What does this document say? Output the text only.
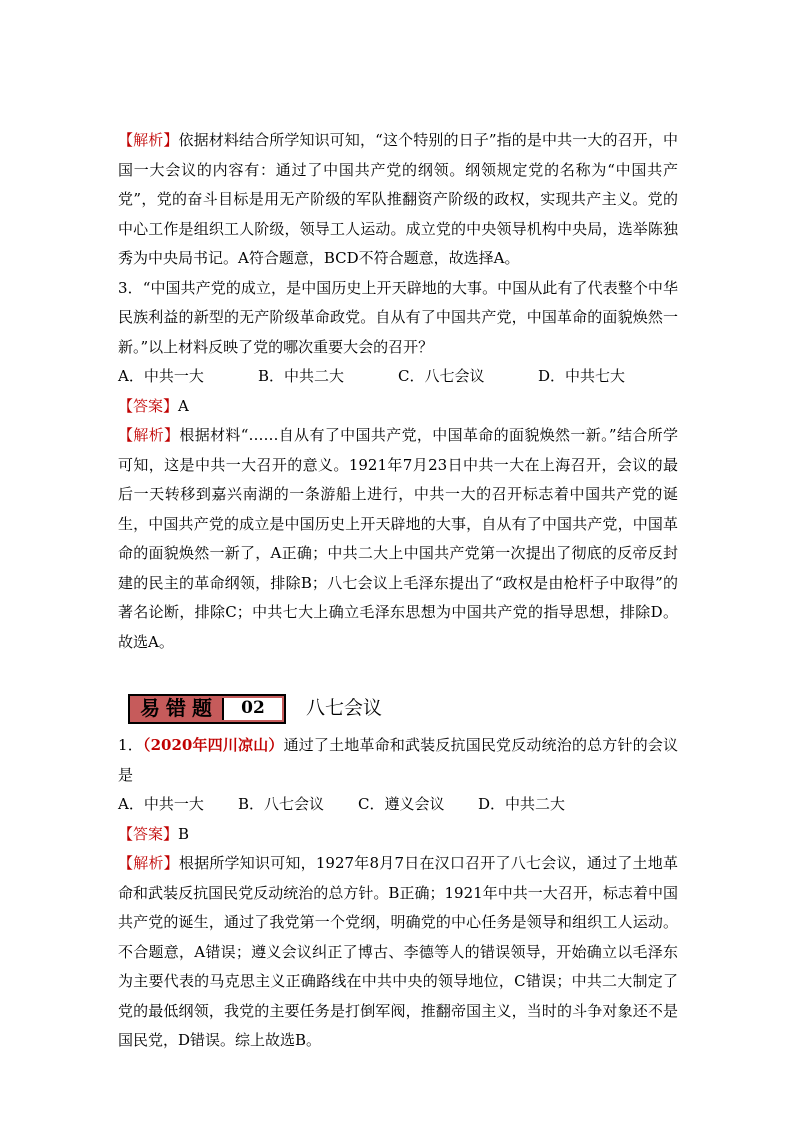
【解析】依据材料结合所学知识可知，“这个特别的日子”指的是中共一大的召开，中国一大会议的内容有：通过了中国共产党的纲领。纲领规定党的名称为“中国共产党”，党的奋斗目标是用无产阶级的军队推翻资产阶级的政权，实现共产主义。党的中心工作是组织工人阶级，领导工人运动。成立党的中央领导机构中央局，选举陈独秀为中央局书记。A符合题意，BCD不符合题意，故选择A。

3．“中国共产党的成立，是中国历史上开天辟地的大事。中国从此有了代表整个中华民族利益的新型的无产阶级革命政党。自从有了中国共产党，中国革命的面貌焕然一新。”以上材料反映了党的哪次重要大会的召开？

A．中共一大	B．中共二大	C．八七会议	D．中共七大

【答案】A

【解析】根据材料“……自从有了中国共产党，中国革命的面貌焕然一新。”结合所学可知，这是中共一大召开的意义。1921年7月23日中共一大在上海召开，会议的最后一天转移到嘉兴南湖的一条游船上进行，中共一大的召开标志着中国共产党的诞生，中国共产党的成立是中国历史上开天辟地的大事，自从有了中国共产党，中国革命的面貌焕然一新了，A正确；中共二大上中国共产党第一次提出了彻底的反帝反封建的民主的革命纲领，排除B；八七会议上毛泽东提出了“政权是由枪杆子中取得”的著名论断，排除C；中共七大上确立毛泽东思想为中国共产党的指导思想，排除D。故选A。

易错题	02	八七会议

1．（2020年四川凉山）通过了土地革命和武装反抗国民党反动统治的总方针的会议是

A．中共一大	B．八七会议	C．遵义会议	D．中共二大

【答案】B

【解析】根据所学知识可知，1927年8月7日在汉口召开了八七会议，通过了土地革命和武装反抗国民党反动统治的总方针。B正确；1921年中共一大召开，标志着中国共产党的诞生，通过了我党第一个党纲，明确党的中心任务是领导和组织工人运动。不合题意，A错误；遵义会议纠正了博古、李德等人的错误领导，开始确立以毛泽东为主要代表的马克思主义正确路线在中共中央的领导地位，C错误；中共二大制定了党的最低纲领，我党的主要任务是打倒军阀，推翻帝国主义，当时的斗争对象还不是国民党，D错误。综上故选B。
